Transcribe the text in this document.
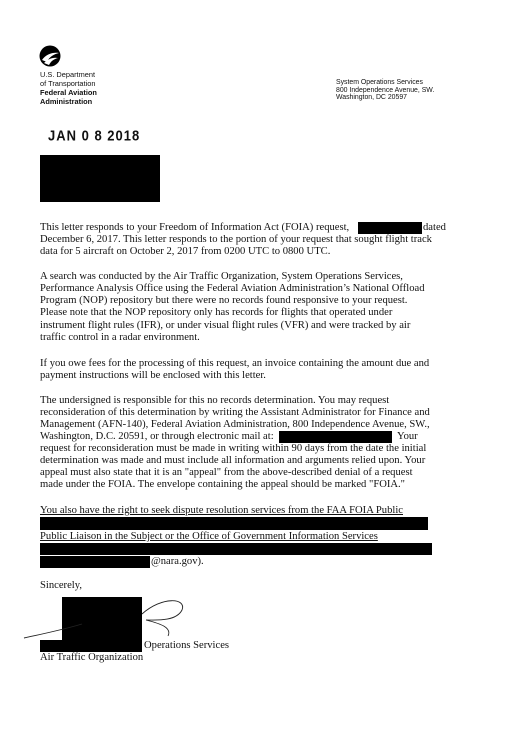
U.S. Department
of Transportation
Federal Aviation
Administration
System Operations Services
800 Independence Avenue, SW.
Washington, DC 20597
JAN 0 8 2018
This letter responds to your Freedom of Information Act (FOIA) request,	dated
December 6, 2017. This letter responds to the portion of your request that sought flight track
data for 5 aircraft on October 2, 2017 from 0200 UTC to 0800 UTC.
A search was conducted by the Air Traffic Organization, System Operations Services,
Performance Analysis Office using the Federal Aviation Administration’s National Offload
Program (NOP) repository but there were no records found responsive to your request.
Please note that the NOP repository only has records for flights that operated under
instrument flight rules (IFR), or under visual flight rules (VFR) and were tracked by air
traffic control in a radar environment.
If you owe fees for the processing of this request, an invoice containing the amount due and
payment instructions will be enclosed with this letter.
The undersigned is responsible for this no records determination. You may request
reconsideration of this determination by writing the Assistant Administrator for Finance and
Management (AFN-140), Federal Aviation Administration, 800 Independence Avenue, SW.,
Washington, D.C. 20591, or through electronic mail at:	Your
request for reconsideration must be made in writing within 90 days from the date the initial
determination was made and must include all information and arguments relied upon. Your
appeal must also state that it is an "appeal" from the above-described denial of a request
made under the FOIA. The envelope containing the appeal should be marked "FOIA."
You also have the right to seek dispute resolution services from the FAA FOIA Public
Public Liaison in the Subject or the Office of Government Information Services
@nara.gov).
Sincerely,
Operations Services
Air Traffic Organization
